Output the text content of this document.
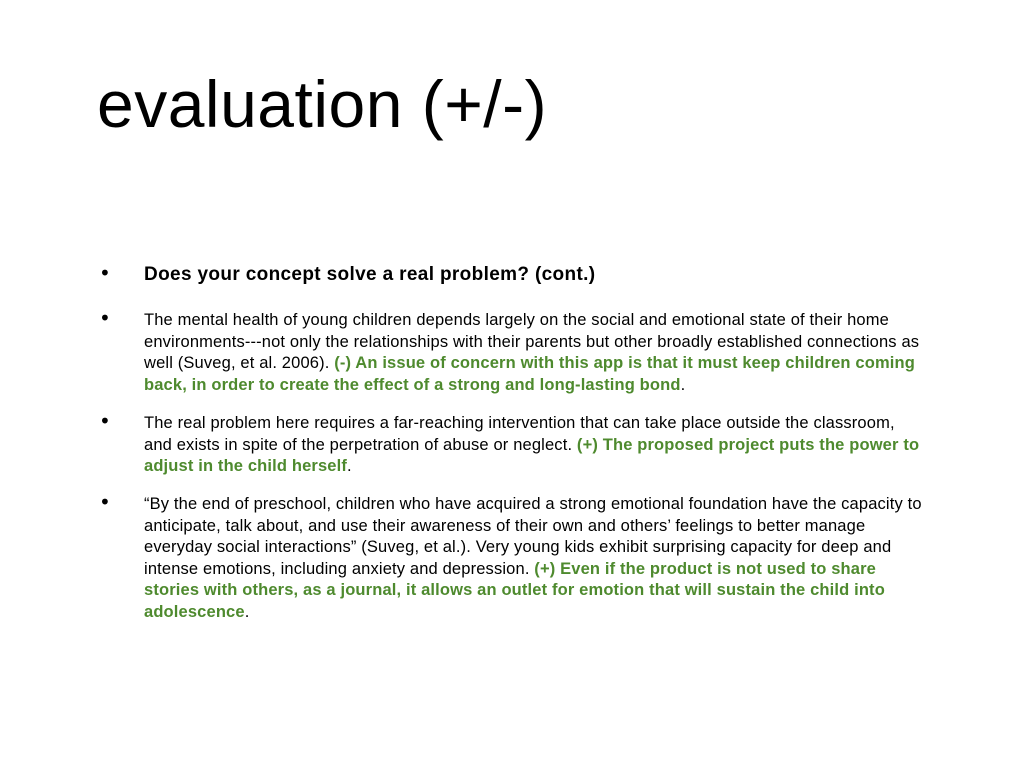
evaluation (+/-)
• Does your concept solve a real problem? (cont.)
• The mental health of young children depends largely on the social and emotional state of their home environments---not only the relationships with their parents but other broadly established connections as well (Suveg, et al. 2006). (-) An issue of concern with this app is that it must keep children coming back, in order to create the effect of a strong and long-lasting bond.
• The real problem here requires a far-reaching intervention that can take place outside the classroom, and exists in spite of the perpetration of abuse or neglect. (+) The proposed project puts the power to adjust in the child herself.
• “By the end of preschool, children who have acquired a strong emotional foundation have the capacity to anticipate, talk about, and use their awareness of their own and others’ feelings to better manage everyday social interactions” (Suveg, et al.). Very young kids exhibit surprising capacity for deep and intense emotions, including anxiety and depression. (+) Even if the product is not used to share stories with others, as a journal, it allows an outlet for emotion that will sustain the child into adolescence.
